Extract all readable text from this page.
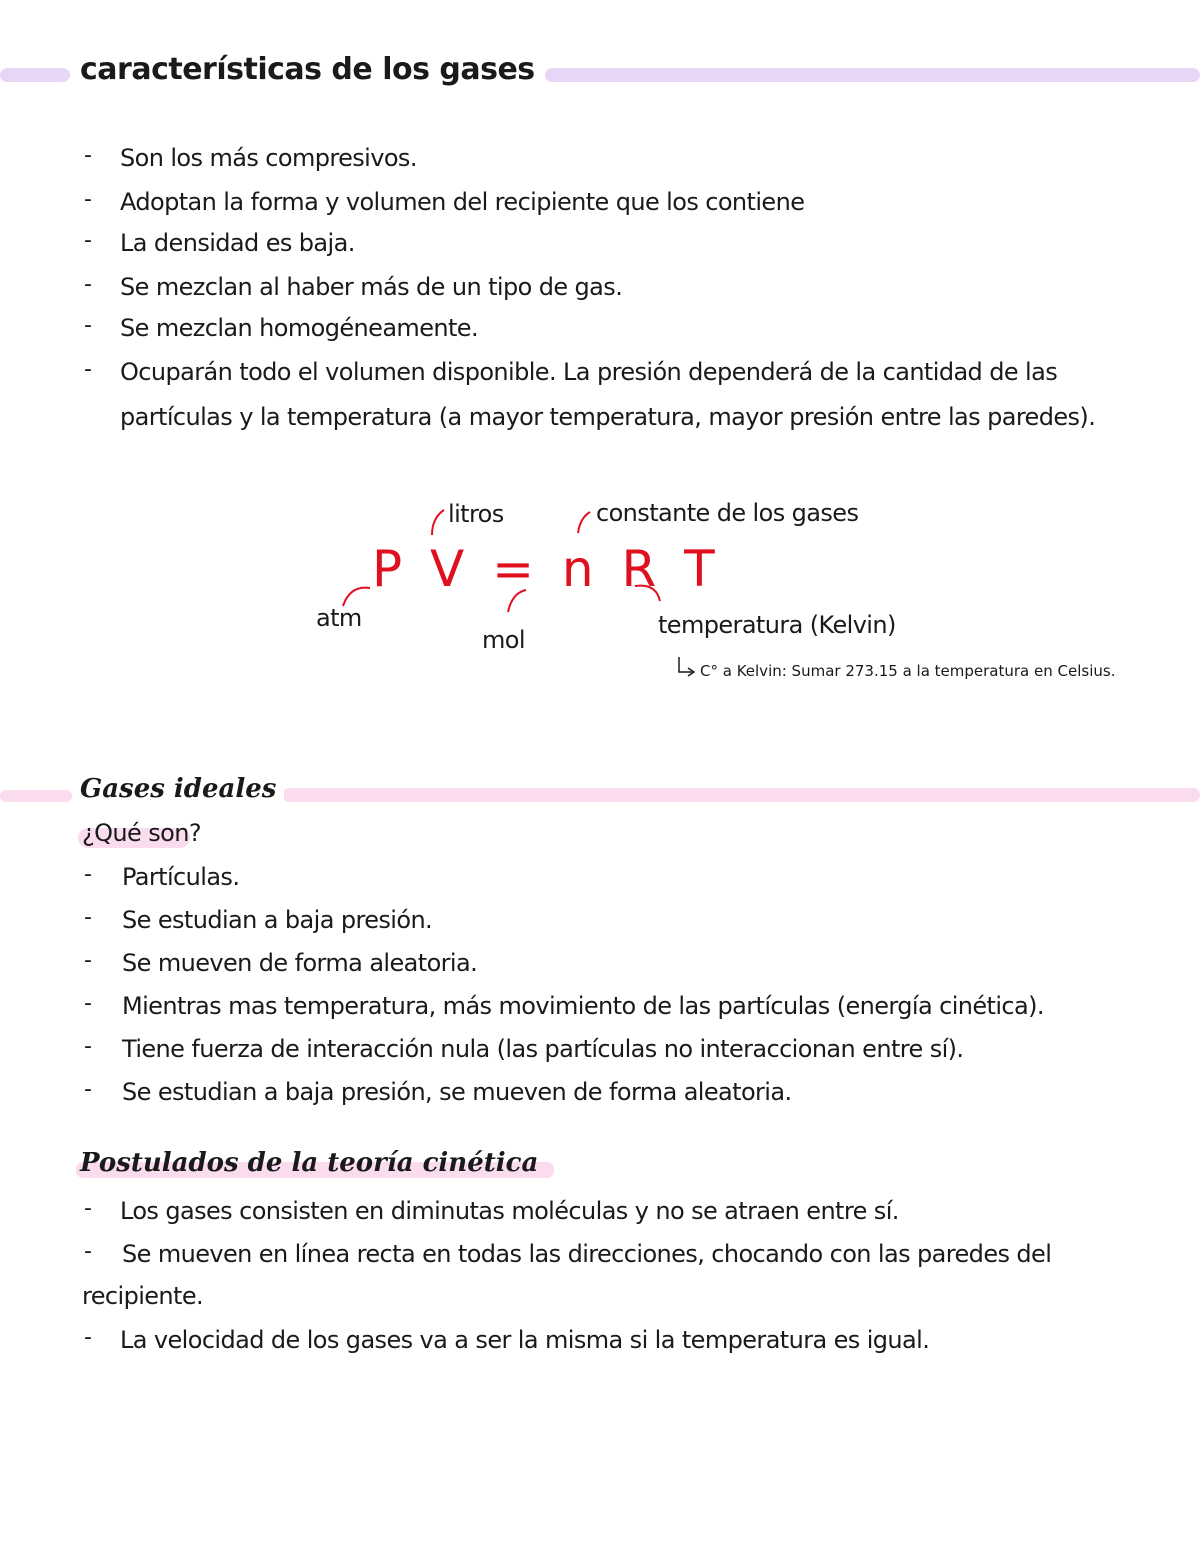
características de los gases
- Son los más compresivos.
- Adoptan la forma y volumen del recipiente que los contiene
- La densidad es baja.
- Se mezclan al haber más de un tipo de gas.
- Se mezclan homogéneamente.
- Ocuparán todo el volumen disponible. La presión dependerá de la cantidad de las
partículas y la temperatura (a mayor temperatura, mayor presión entre las paredes).
litros	constante de los gases
P V = n R T
atm
mol
temperatura (Kelvin)
C° a Kelvin: Sumar 273.15 a la temperatura en Celsius.
Gases ideales
¿Qué son?
- Partículas.
- Se estudian a baja presión.
- Se mueven de forma aleatoria.
- Mientras mas temperatura, más movimiento de las partículas (energía cinética).
- Tiene fuerza de interacción nula (las partículas no interaccionan entre sí).
- Se estudian a baja presión, se mueven de forma aleatoria.
Postulados de la teoría cinética
- Los gases consisten en diminutas moléculas y no se atraen entre sí.
- Se mueven en línea recta en todas las direcciones, chocando con las paredes del
recipiente.
- La velocidad de los gases va a ser la misma si la temperatura es igual.
